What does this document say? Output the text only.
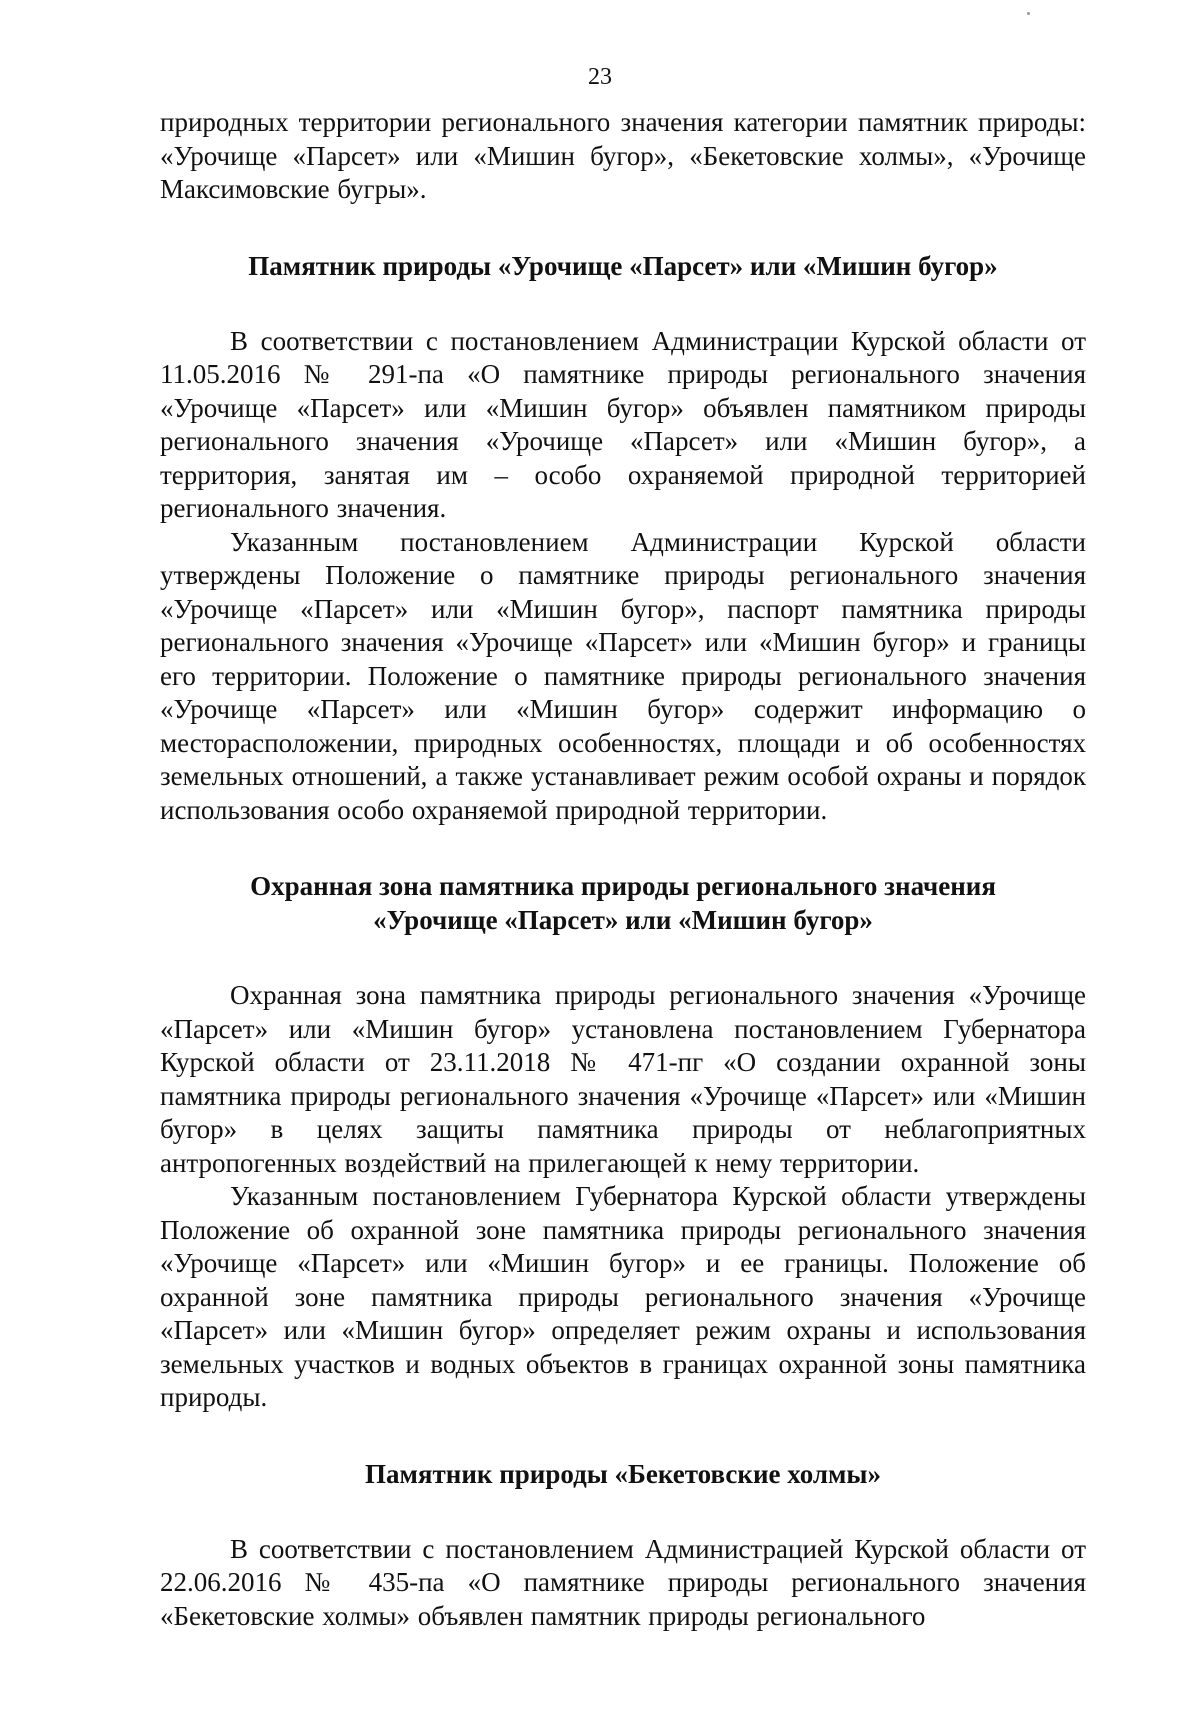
23

природных территории регионального значения категории памятник природы: «Урочище «Парсет» или «Мишин бугор», «Бекетовские холмы», «Урочище Максимовские бугры».

Памятник природы «Урочище «Парсет» или «Мишин бугор»

В соответствии с постановлением Администрации Курской области от 11.05.2016 № 291-па «О памятнике природы регионального значения «Урочище «Парсет» или «Мишин бугор» объявлен памятником природы регионального значения «Урочище «Парсет» или «Мишин бугор», а территория, занятая им – особо охраняемой природной территорией регионального значения.

Указанным постановлением Администрации Курской области утверждены Положение о памятнике природы регионального значения «Урочище «Парсет» или «Мишин бугор», паспорт памятника природы регионального значения «Урочище «Парсет» или «Мишин бугор» и границы его территории. Положение о памятнике природы регионального значения «Урочище «Парсет» или «Мишин бугор» содержит информацию о месторасположении, природных особенностях, площади и об особенностях земельных отношений, а также устанавливает режим особой охраны и порядок использования особо охраняемой природной территории.

Охранная зона памятника природы регионального значения
«Урочище «Парсет» или «Мишин бугор»

Охранная зона памятника природы регионального значения «Урочище «Парсет» или «Мишин бугор» установлена постановлением Губернатора Курской области от 23.11.2018 № 471-пг «О создании охранной зоны памятника природы регионального значения «Урочище «Парсет» или «Мишин бугор» в целях защиты памятника природы от неблагоприятных антропогенных воздействий на прилегающей к нему территории.

Указанным постановлением Губернатора Курской области утверждены Положение об охранной зоне памятника природы регионального значения «Урочище «Парсет» или «Мишин бугор» и ее границы. Положение об охранной зоне памятника природы регионального значения «Урочище «Парсет» или «Мишин бугор» определяет режим охраны и использования земельных участков и водных объектов в границах охранной зоны памятника природы.

Памятник природы «Бекетовские холмы»

В соответствии с постановлением Администрацией Курской области от 22.06.2016 № 435-па «О памятнике природы регионального значения «Бекетовские холмы» объявлен памятник природы регионального
